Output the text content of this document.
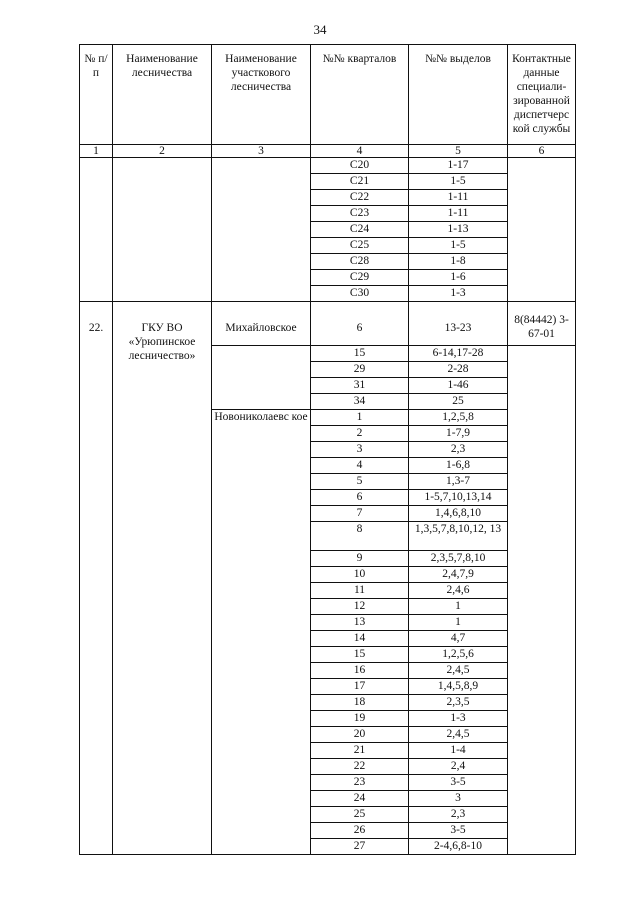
34
№ п/п	Наименование лесничества	Наименование участкового лесничества	№№ кварталов	№№ выделов	Контактные данные специали-зированной диспетчерс кой службы
1	2	3	4	5	6
			С20	1-17	
			С21	1-5	
			С22	1-11	
			С23	1-11	
			С24	1-13	
			С25	1-5	
			С28	1-8	
			С29	1-6	
			С30	1-3	
22.	ГКУ ВО «Урюпинское лесничество»	Михайловское	6	13-23	8(84442) 3-67-01
			15	6-14,17-28	
			29	2-28	
			31	1-46	
			34	25	
		Новониколаевс кое	1	1,2,5,8	
			2	1-7,9	
			3	2,3	
			4	1-6,8	
			5	1,3-7	
			6	1-5,7,10,13,14	
			7	1,4,6,8,10	
			8	1,3,5,7,8,10,12, 13	
			9	2,3,5,7,8,10	
			10	2,4,7,9	
			11	2,4,6	
			12	1	
			13	1	
			14	4,7	
			15	1,2,5,6	
			16	2,4,5	
			17	1,4,5,8,9	
			18	2,3,5	
			19	1-3	
			20	2,4,5	
			21	1-4	
			22	2,4	
			23	3-5	
			24	3	
			25	2,3	
			26	3-5	
			27	2-4,6,8-10	
